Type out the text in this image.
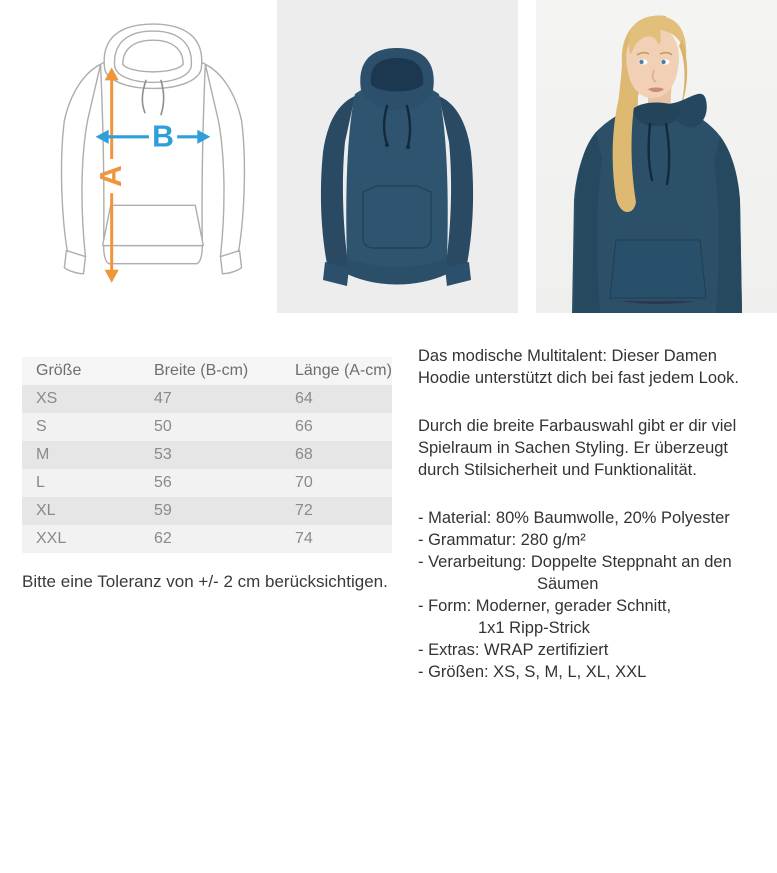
A
B
Größe	Breite (B-cm)	Länge (A-cm)
XS	47	64
S	50	66
M	53	68
L	56	70
XL	59	72
XXL	62	74
Bitte eine Toleranz von +/- 2 cm berücksichtigen.
Das modische Multitalent: Dieser Damen
Hoodie unterstützt dich bei fast jedem Look.
Durch die breite Farbauswahl gibt er dir viel
Spielraum in Sachen Styling. Er überzeugt
durch Stilsicherheit und Funktionalität.
- Material: 80% Baumwolle, 20% Polyester
- Grammatur: 280 g/m²
- Verarbeitung: Doppelte Steppnaht an den
Säumen
- Form: Moderner, gerader Schnitt,
1x1 Ripp-Strick
- Extras: WRAP zertifiziert
- Größen: XS, S, M, L, XL, XXL
